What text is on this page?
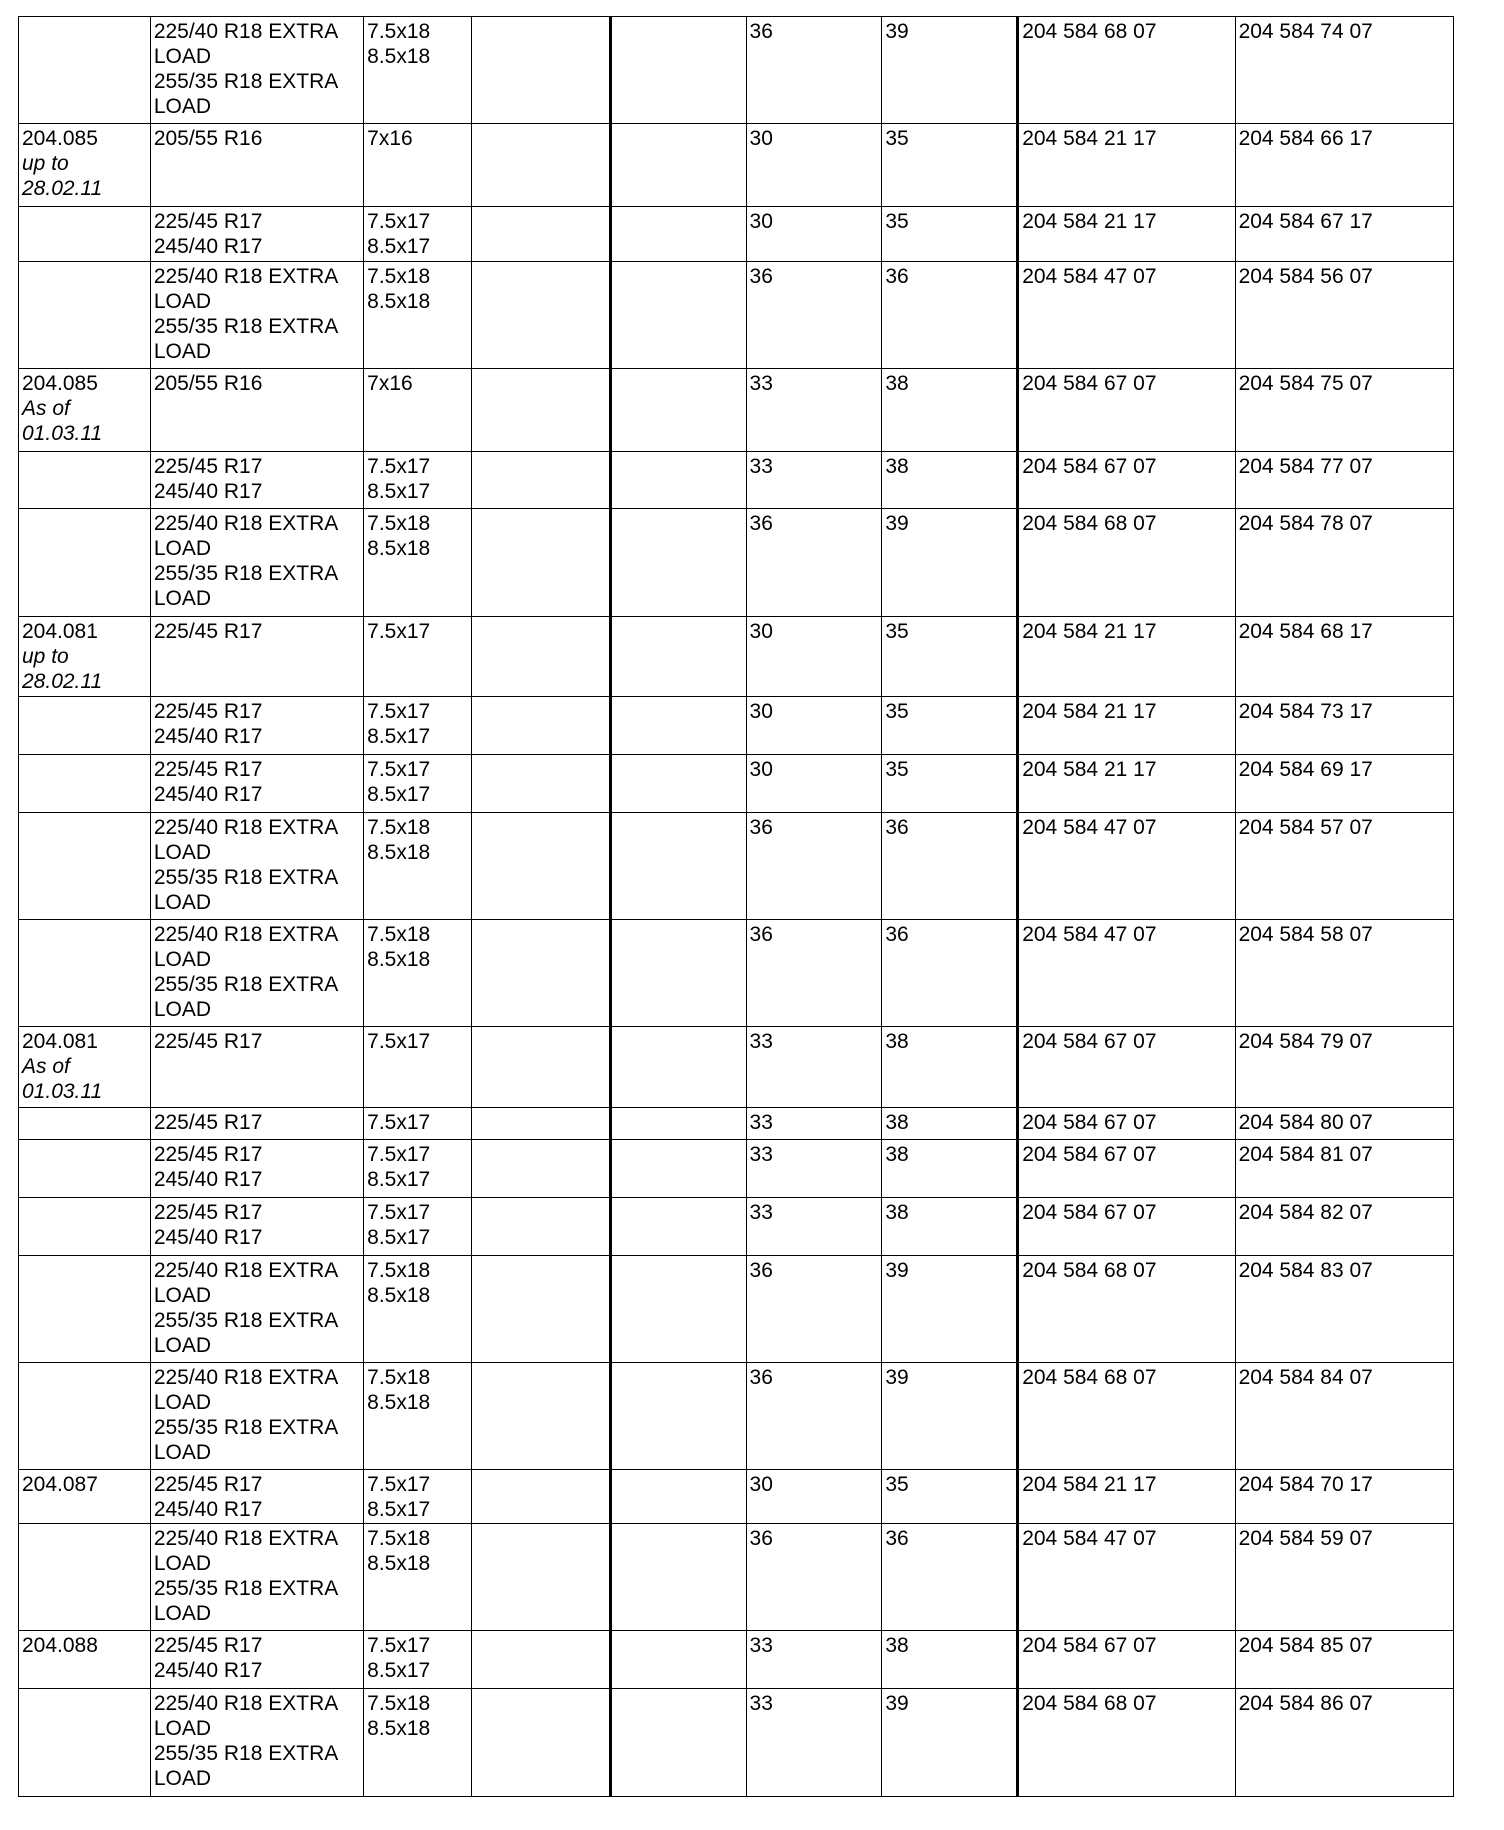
	225/40 R18 EXTRA
LOAD
255/35 R18 EXTRA
LOAD	7.5x18
8.5x18			36	39	204 584 68 07	204 584 74 07

204.085
up to
28.02.11	205/55 R16	7x16			30	35	204 584 21 17	204 584 66 17

	225/45 R17
245/40 R17	7.5x17
8.5x17			30	35	204 584 21 17	204 584 67 17

	225/40 R18 EXTRA
LOAD
255/35 R18 EXTRA
LOAD	7.5x18
8.5x18			36	36	204 584 47 07	204 584 56 07

204.085
As of
01.03.11	205/55 R16	7x16			33	38	204 584 67 07	204 584 75 07

	225/45 R17
245/40 R17	7.5x17
8.5x17			33	38	204 584 67 07	204 584 77 07

	225/40 R18 EXTRA
LOAD
255/35 R18 EXTRA
LOAD	7.5x18
8.5x18			36	39	204 584 68 07	204 584 78 07

204.081
up to
28.02.11	225/45 R17	7.5x17			30	35	204 584 21 17	204 584 68 17

	225/45 R17
245/40 R17	7.5x17
8.5x17			30	35	204 584 21 17	204 584 73 17

	225/45 R17
245/40 R17	7.5x17
8.5x17			30	35	204 584 21 17	204 584 69 17

	225/40 R18 EXTRA
LOAD
255/35 R18 EXTRA
LOAD	7.5x18
8.5x18			36	36	204 584 47 07	204 584 57 07

	225/40 R18 EXTRA
LOAD
255/35 R18 EXTRA
LOAD	7.5x18
8.5x18			36	36	204 584 47 07	204 584 58 07

204.081
As of
01.03.11	225/45 R17	7.5x17			33	38	204 584 67 07	204 584 79 07

	225/45 R17	7.5x17			33	38	204 584 67 07	204 584 80 07

	225/45 R17
245/40 R17	7.5x17
8.5x17			33	38	204 584 67 07	204 584 81 07

	225/45 R17
245/40 R17	7.5x17
8.5x17			33	38	204 584 67 07	204 584 82 07

	225/40 R18 EXTRA
LOAD
255/35 R18 EXTRA
LOAD	7.5x18
8.5x18			36	39	204 584 68 07	204 584 83 07

	225/40 R18 EXTRA
LOAD
255/35 R18 EXTRA
LOAD	7.5x18
8.5x18			36	39	204 584 68 07	204 584 84 07

204.087	225/45 R17
245/40 R17	7.5x17
8.5x17			30	35	204 584 21 17	204 584 70 17

	225/40 R18 EXTRA
LOAD
255/35 R18 EXTRA
LOAD	7.5x18
8.5x18			36	36	204 584 47 07	204 584 59 07

204.088	225/45 R17
245/40 R17	7.5x17
8.5x17			33	38	204 584 67 07	204 584 85 07

	225/40 R18 EXTRA
LOAD
255/35 R18 EXTRA
LOAD	7.5x18
8.5x18			33	39	204 584 68 07	204 584 86 07
